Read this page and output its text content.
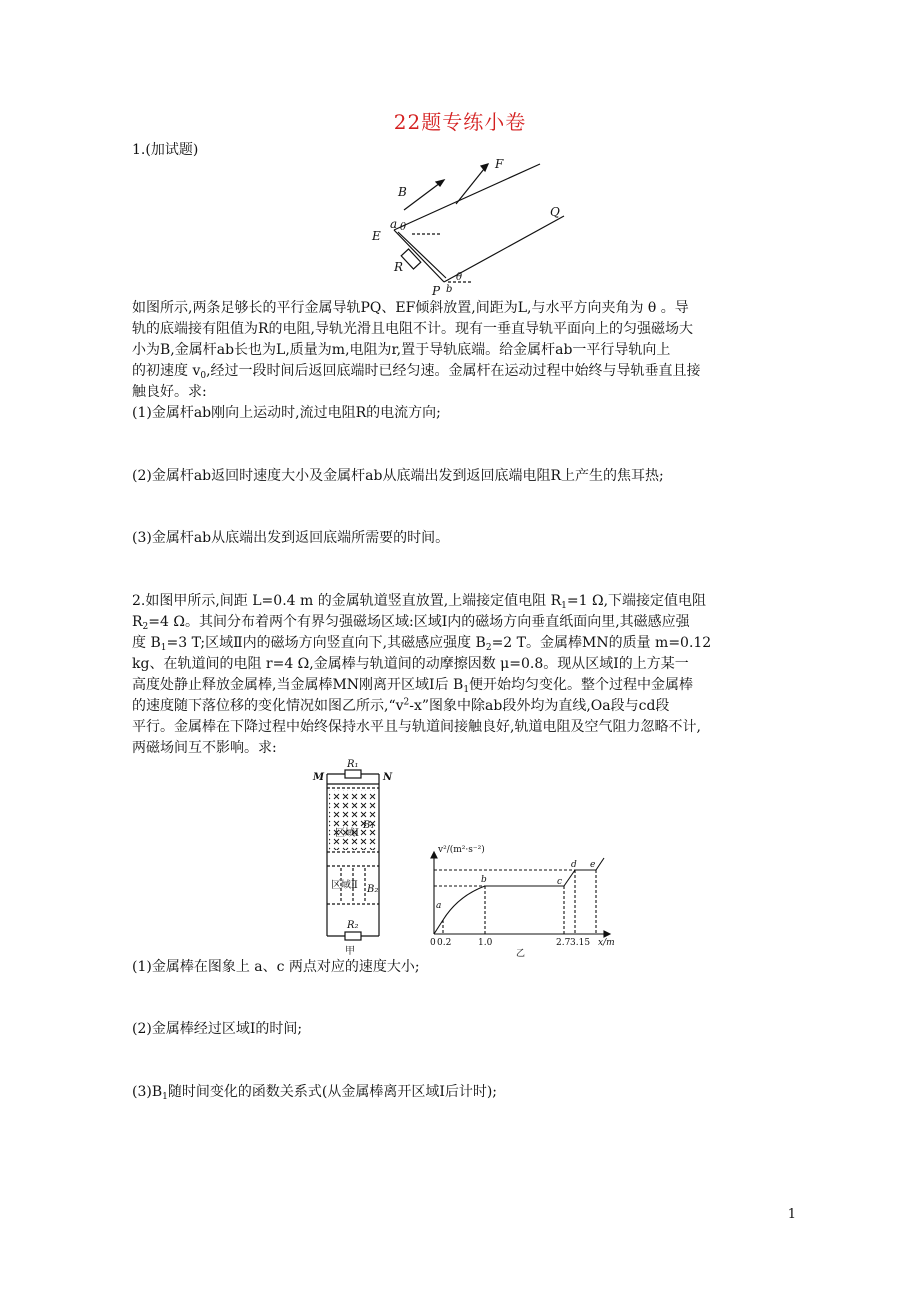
22题专练小卷
1.(加试题)
F
B
a θ
E
Q
R
θ
b
P
如图所示,两条足够长的平行金属导轨PQ、EF倾斜放置,间距为L,与水平方向夹角为 θ 。导
轨的底端接有阻值为R的电阻,导轨光滑且电阻不计。现有一垂直导轨平面向上的匀强磁场大
小为B,金属杆ab长也为L,质量为m,电阻为r,置于导轨底端。给金属杆ab一平行导轨向上
的初速度 $v_0$,经过一段时间后返回底端时已经匀速。金属杆在运动过程中始终与导轨垂直且接
触良好。求:
(1)金属杆ab刚向上运动时,流过电阻R的电流方向;
(2)金属杆ab返回时速度大小及金属杆ab从底端出发到返回底端电阻R上产生的焦耳热;
(3)金属杆ab从底端出发到返回底端所需要的时间。
2.如图甲所示,间距 L=0.4 m 的金属轨道竖直放置,上端接定值电阻 $R_1=1$ Ω,下端接定值电阻
$R_2=4$ Ω。其间分布着两个有界匀强磁场区域:区域Ⅰ内的磁场方向垂直纸面向里,其磁感应强
度 $B_1=3$ T;区域Ⅱ内的磁场方向竖直向下,其磁感应强度 $B_2=2$ T。金属棒MN的质量 m=0.12
kg、在轨道间的电阻 r=4 Ω,金属棒与轨道间的动摩擦因数 μ=0.8。现从区域Ⅰ的上方某一
高度处静止释放金属棒,当金属棒MN刚离开区域Ⅰ后 $B_1$便开始均匀变化。整个过程中金属棒
的速度随下落位移的变化情况如图乙所示$,“v^2-x$”图象中除ab段外均为直线,Oa段与cd段
平行。金属棒在下降过程中始终保持水平且与轨道间接触良好,轨道电阻及空气阻力忽略不计,
两磁场间互不影响。求:
M	N
R₁
区域Ⅰ
B₁
区域Ⅱ B₂
R₂
甲
v²/(m²·s⁻²)
a
b	c
d e
0 0.2	1.0	2.7 3.15 x/m
乙
(1)金属棒在图象上 a、c 两点对应的速度大小;
(2)金属棒经过区域Ⅰ的时间;
$(3)B_1$随时间变化的函数关系式(从金属棒离开区域Ⅰ后计时);
1
